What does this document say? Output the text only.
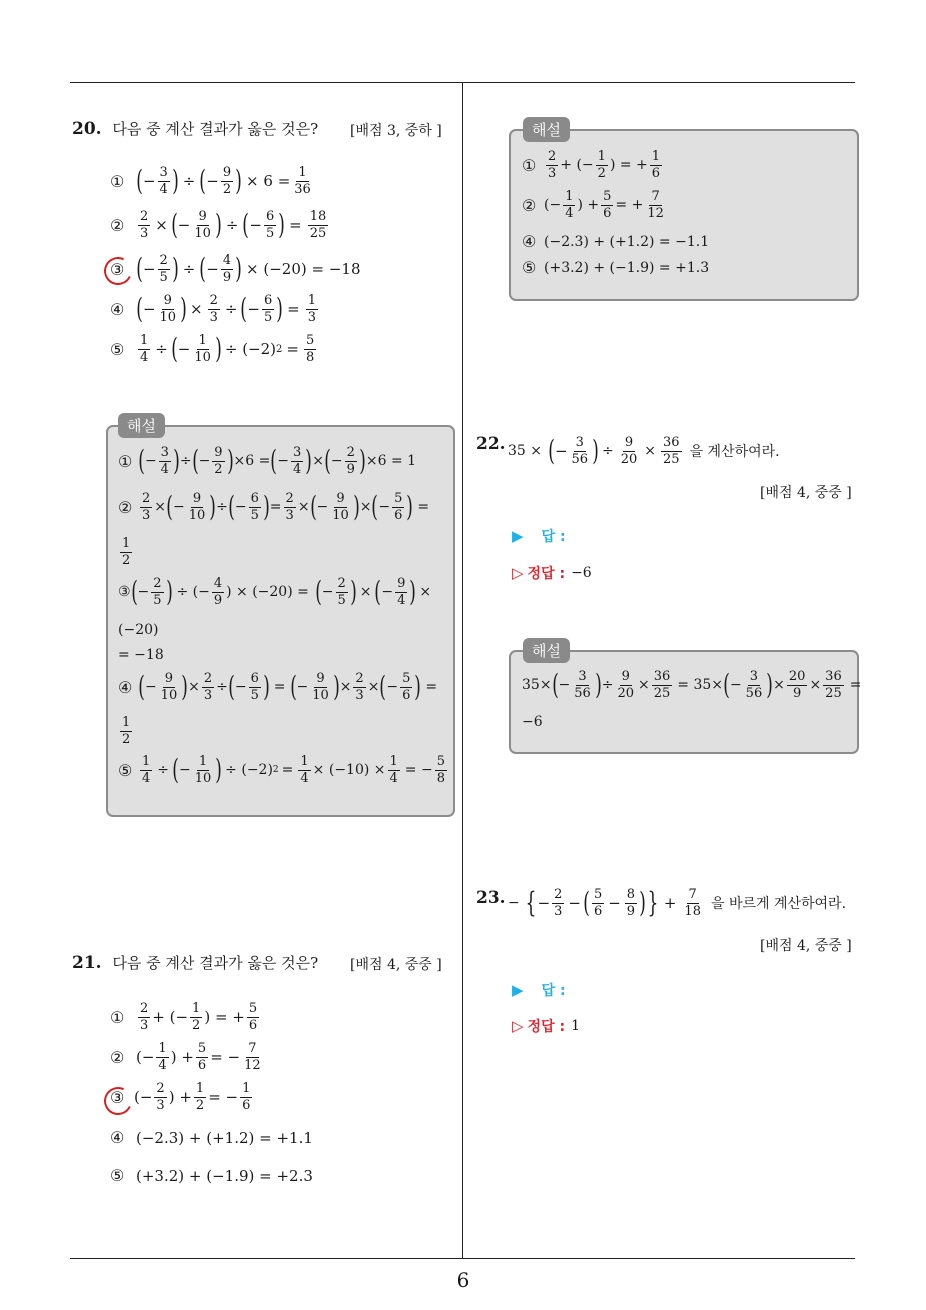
6
20. 다음 중 계산 결과가 옳은 것은? [배점 3, 중하 ]
① ( − $\frac{3}{4}$ ) ÷ ( − $\frac{9}{2}$ ) × $6 = \frac{1}{36}$
②	$\frac{2}{3}$ × ( − $\frac{9}{10}$ ) ÷ ( − $\frac{6}{5}$ ) = $\frac{18}{25}$
③ ( − $\frac{2}{5}$ ) ÷ ( − $\frac{4}{9}$ ) × (−20) = −18
④ ( − $\frac{9}{10}$ ) × $\frac{2}{3}$ ÷ ( − $\frac{6}{5}$ ) = $\frac{1}{3}$
⑤	$\frac{1}{4}$ ÷ ( − $\frac{1}{10}$ ) ÷ (−2) $2 = \frac{5}{8}$
해설
① ( − $\frac{3}{4}$ ) ÷ ( − $\frac{9}{2}$ ) ×6 = ( − $\frac{3}{4}$ ) × ( − $\frac{2}{9}$ ) ×6 = 1
② $\frac{2}{3}$ × ( − $\frac{9}{10}$ ) ÷ ( − $\frac{6}{5}$ ) = $\frac{2}{3}$ × ( − $\frac{9}{10}$ ) × ( − $\frac{5}{6}$ ) =
$\frac{1}{2}$
③ ( − $\frac{2}{5}$ ) ÷ (− $\frac{4}{9}$ ) × (−20) = ( − $\frac{2}{5}$ ) × ( − $\frac{9}{4}$ ) ×
(−20)
= −18
④ ( − $\frac{9}{10}$ ) × $\frac{2}{3}$ ÷ ( − $\frac{6}{5}$ ) = ( − $\frac{9}{10}$ ) × $\frac{2}{3}$ × ( − $\frac{5}{6}$ ) =
$\frac{1}{2}$
⑤ $\frac{1}{4}$ ÷ ( − $\frac{1}{10}$ ) ÷ (−2) $2 = \frac{1}{4} \times (-10) \times \frac{1}{4}$ = − $\frac{5}{8}$
21. 다음 중 계산 결과가 옳은 것은? [배점 4, 중중 ]
①	$\frac{2}{3}$ + (− $\frac{1}{2}$ ) = + $\frac{5}{6}$
② (− $\frac{1}{4}$ ) + $\frac{5}{6}$ = − $\frac{7}{12}$
③ (− $\frac{2}{3}$ ) + $\frac{1}{2}$ = − $\frac{1}{6}$
④ (−2.3) + (+1.2) = +1.1
⑤ (+3.2) + (−1.9) = +2.3
해설
① $\frac{2}{3}$ + (− $\frac{1}{2}$ ) = + $\frac{1}{6}$
② (− $\frac{1}{4}$ ) + $\frac{5}{6}$ = + $\frac{7}{12}$
④ (−2.3) + (+1.2) = −1.1
⑤ (+3.2) + (−1.9) = +1.3
22. 35 × ( − $\frac{3}{56}$ ) ÷ $\frac{9}{20} \times \frac{36}{25}$ 을 계산하여라.
[배점 4, 중중 ]
▶ 답 :
▷ 정답 : −6
해설
35× ( − $\frac{3}{56}$ ) ÷ $\frac{9}{20} \times \frac{36}{25} = 35\times$ ( − $\frac{3}{56}$ ) × $\frac{20}{9} \times \frac{36}{25}$ =
−6
23. − { − $\frac{2}{3}$ − ( $\frac{5}{6} - \frac{8}{9}$ ) } + $\frac{7}{18}$ 을 바르게 계산하여라.
[배점 4, 중중 ]
▶ 답 :
▷ 정답 : 1
